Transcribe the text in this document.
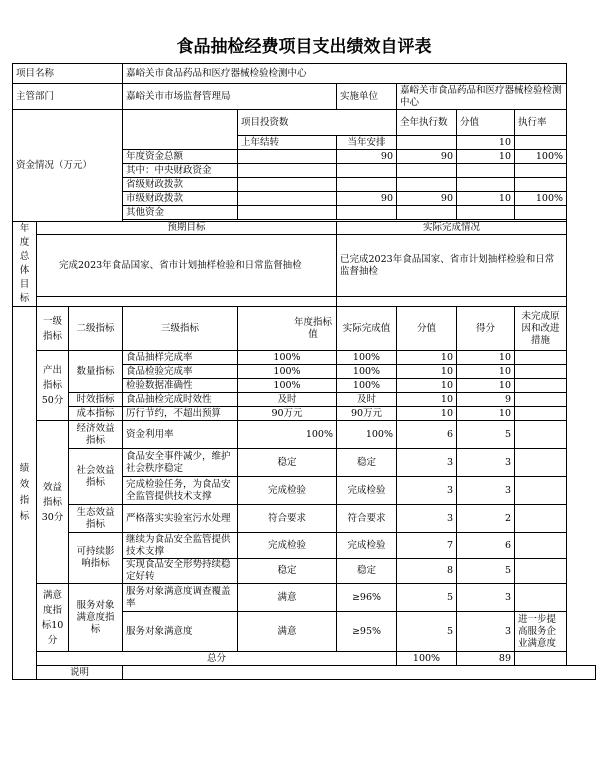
食品抽检经费项目支出绩效自评表
项目名称			嘉峪关市食品药品和医疗器械检验检测中心					
主管部门			嘉峪关市市场监督管理局		实施单位	嘉峪关市食品药品和医疗器械检验检测中心		

资金情况（万元）				项目投资数		全年执行数	分值	执行率
				上年结转	当年安排		10	
			年度资金总额		90	90	10	100%
			其中：中央财政资金					
			省级财政拨款					
			市级财政拨款		90	90	10	100%
			其他资金					

年度总体目标	预期目标				实际完成情况			
	完成2023年食品国家、省市计划抽样检验和日常监督抽检				已完成2023年食品国家、省市计划抽样检验和日常监督抽检			

绩效指标	一级指标	二级指标	三级指标	年度指标值	实际完成值	分值	得分	未完成原因和改进措施

	产出指标50分	数量指标	食品抽样完成率	100%	100%	10	10	
			食品检验完成率	100%	100%	10	10	
			检验数据准确性	100%	100%	10	10	
		时效指标	食品抽检完成时效性	及时	及时	10	9	
		成本指标	厉行节约，不超出预算	90万元	90万元	10	10	
	效益指标30分	经济效益指标	资金利用率	100%	100%	6	5	

		社会效益指标	食品安全事件减少，维护社会秩序稳定	稳定	稳定	3	3	

			完成检验任务，为食品安全监管提供技术支撑	完成检验	完成检验	3	3	

		生态效益指标	严格落实实验室污水处理	符合要求	符合要求	3	2	

		可持续影响指标	继续为食品安全监管提供技术支撑	完成检验	完成检验	7	6	
			实现食品安全形势持续稳定好转	稳定	稳定	8	5	
	满意度指标10分	服务对象满意度指标	服务对象满意度调查覆盖率	满意	≥96%	5	3	
			服务对象满意度	满意	≥95%	5	3	进一步提高服务企业满意度

	总分					100%	89	
	说明							
